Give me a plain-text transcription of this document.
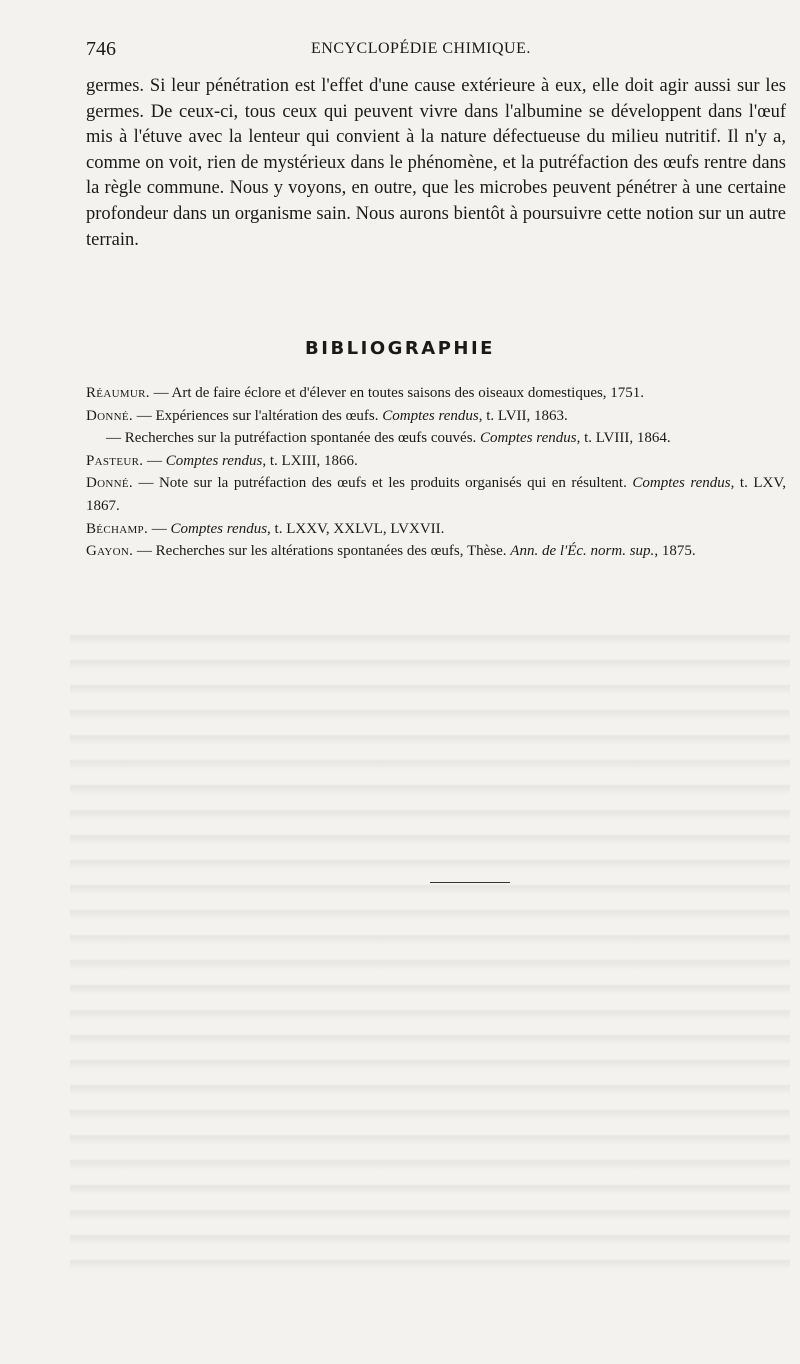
746	ENCYCLOPÉDIE CHIMIQUE.

germes. Si leur pénétration est l'effet d'une cause extérieure à eux, elle doit agir aussi sur les germes. De ceux-ci, tous ceux qui peuvent vivre dans l'albumine se développent dans l'œuf mis à l'étuve avec la lenteur qui convient à la nature défectueuse du milieu nutritif. Il n'y a, comme on voit, rien de mystérieux dans le phénomène, et la putréfaction des œufs rentre dans la règle commune. Nous y voyons, en outre, que les microbes peuvent pénétrer à une certaine profondeur dans un organisme sain. Nous aurons bientôt à poursuivre cette notion sur un autre terrain.

BIBLIOGRAPHIE

Réaumur. — Art de faire éclore et d'élever en toutes saisons des oiseaux domestiques, 1751.

Donné. — Expériences sur l'altération des œufs. Comptes rendus, t. LVII, 1863.

— Recherches sur la putréfaction spontanée des œufs couvés. Comptes rendus, t. LVIII, 1864.

Pasteur. — Comptes rendus, t. LXIII, 1866.

Donné. — Note sur la putréfaction des œufs et les produits organisés qui en résultent. Comptes rendus, t. LXV, 1867.

Béchamp. — Comptes rendus, t. LXXV, XXLVL, LVXVII.

Gayon. — Recherches sur les altérations spontanées des œufs, Thèse. Ann. de l'Éc. norm. sup., 1875.
